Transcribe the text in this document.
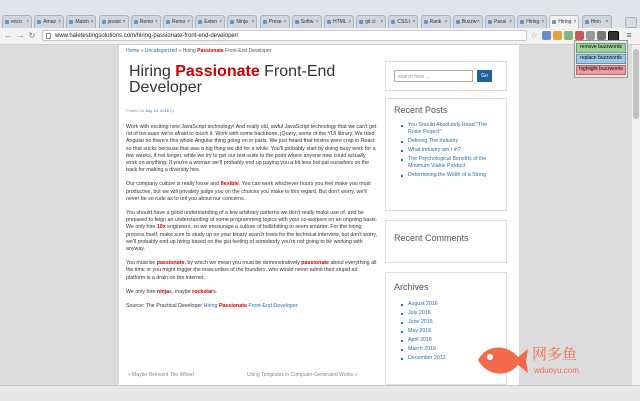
enco ×	Amaz ×	Match ×	javasc ×	Remo ×	Remo ×	Exten ×	Ninja ×	Prese ×	Softw ×	HTML ×	git cl ×	CSS t ×	Rank ×	Buzzw ×	Passi ×	Hiring ×	Hiring ×	Hirin ×
← → ↻	www.haletestingsolutions.com/hiring-passionate-front-end-developer/	☆	≡
Home » Uncategorized » Hiring Passionate Front-End Developer
Hiring Passionate Front-End Developer
Posted on July 14, 2016 by

Work with exciting new JavaScript technology! And really old, awful JavaScript technology that we can't get rid of because we're afraid to touch it. Work with some backbone, jQuery, some of the YUI library. We tried Angular so there's this whole Angular thing going on in parts. We just heard that mixins were crap in React so that sucks because that was a big thing we did for a while. You'll probably start by doing busy work for a few weeks, if not longer, while we try to get our test-suite to the point where anyone new could actually work on anything. If you're a woman we'll probably end up paying you a bit less but pat ourselves on the back for making a diversity hire.

Our company culture is really loose and flexible. You can work whichever hours you feel make you most productive, but we will privately judge you on the choices you make to this regard. But don't worry, we'll never be so rude as to tell you about our concerns.

You should have a good understanding of a few arbitrary patterns we don't really make use of, and be prepared to feign an understanding of some programming topics with your co-workers on an ongoing basis. We only hire 10x engineers, so we encourage a culture of bullshitting to seem smarter. For the hiring process itself, make sure to study up on your binary search trees for the technical interview, but don't worry, we'll probably end up hiring based on the gut feeling of somebody you're not going to be working with anyway.

You must be passionate, by which we mean you must be demonstratively passionate about everything all the time or you might trigger the insecurities of the founders, who would never admit their stupid ad platform is a drain on the internet.

We only hire ninjas, maybe rockstars.

Source: The Practical Developer Hiring Passionate Front-End Developer

« Maybe Reinvent The Wheel	Using Templates in Computer-Generated Works »
search here ...	Go
Recent Posts
You Should Absolutely Read "The Rosie Project"
Defining The Industry
What industry am I in?
The Psychological Benefits of the Minimum Viable Product
Determining the Width of a String
Recent Comments
Archives
August 2016
July 2016
June 2016
May 2016
April 2016
March 2016
December 2012
remove buzzwords
replace buzzwords
highlight buzzwords
网多鱼
wduoyu.com
